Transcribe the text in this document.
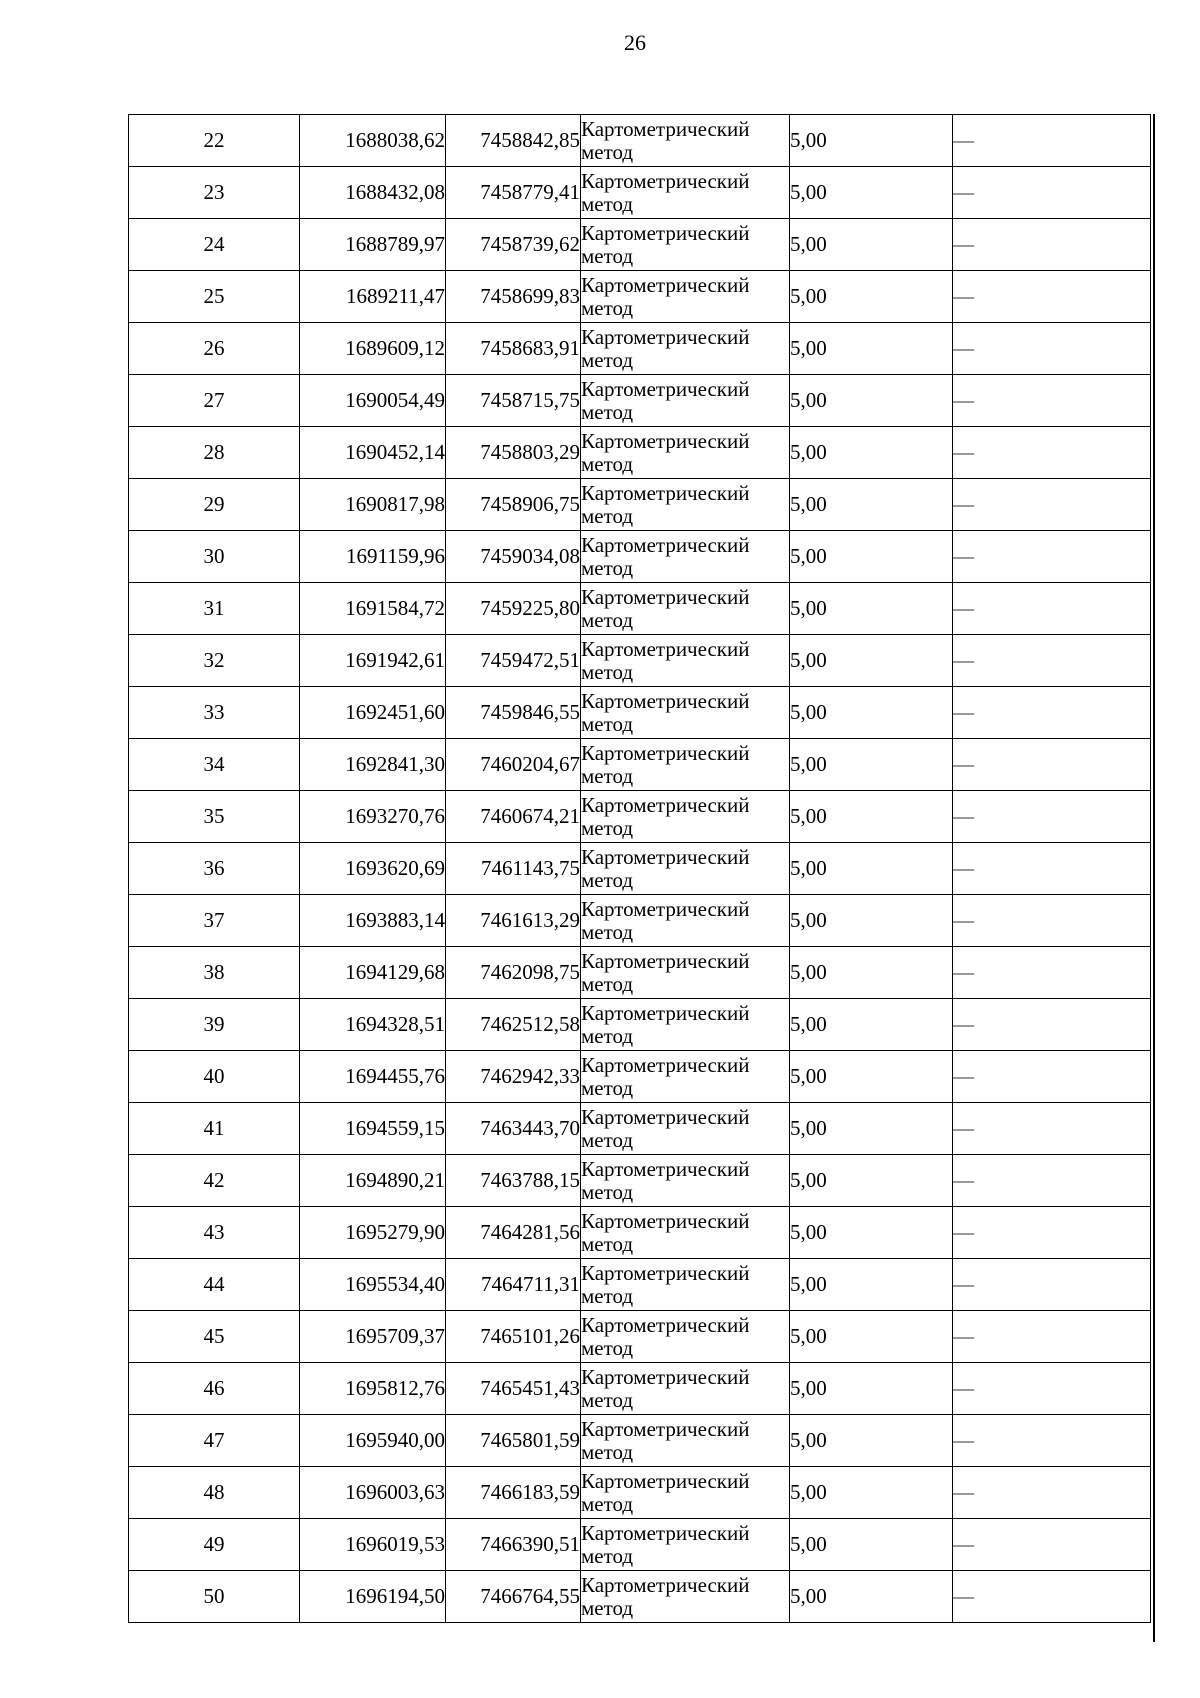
26
22	1688038,62	7458842,85	Картометрический
метод	5,00	—
23	1688432,08	7458779,41	Картометрический
метод	5,00	—
24	1688789,97	7458739,62	Картометрический
метод	5,00	—
25	1689211,47	7458699,83	Картометрический
метод	5,00	—
26	1689609,12	7458683,91	Картометрический
метод	5,00	—
27	1690054,49	7458715,75	Картометрический
метод	5,00	—
28	1690452,14	7458803,29	Картометрический
метод	5,00	—
29	1690817,98	7458906,75	Картометрический
метод	5,00	—
30	1691159,96	7459034,08	Картометрический
метод	5,00	—
31	1691584,72	7459225,80	Картометрический
метод	5,00	—
32	1691942,61	7459472,51	Картометрический
метод	5,00	—
33	1692451,60	7459846,55	Картометрический
метод	5,00	—
34	1692841,30	7460204,67	Картометрический
метод	5,00	—
35	1693270,76	7460674,21	Картометрический
метод	5,00	—
36	1693620,69	7461143,75	Картометрический
метод	5,00	—
37	1693883,14	7461613,29	Картометрический
метод	5,00	—
38	1694129,68	7462098,75	Картометрический
метод	5,00	—
39	1694328,51	7462512,58	Картометрический
метод	5,00	—
40	1694455,76	7462942,33	Картометрический
метод	5,00	—
41	1694559,15	7463443,70	Картометрический
метод	5,00	—
42	1694890,21	7463788,15	Картометрический
метод	5,00	—
43	1695279,90	7464281,56	Картометрический
метод	5,00	—
44	1695534,40	7464711,31	Картометрический
метод	5,00	—
45	1695709,37	7465101,26	Картометрический
метод	5,00	—
46	1695812,76	7465451,43	Картометрический
метод	5,00	—
47	1695940,00	7465801,59	Картометрический
метод	5,00	—
48	1696003,63	7466183,59	Картометрический
метод	5,00	—
49	1696019,53	7466390,51	Картометрический
метод	5,00	—
50	1696194,50	7466764,55	Картометрический
метод	5,00	—
